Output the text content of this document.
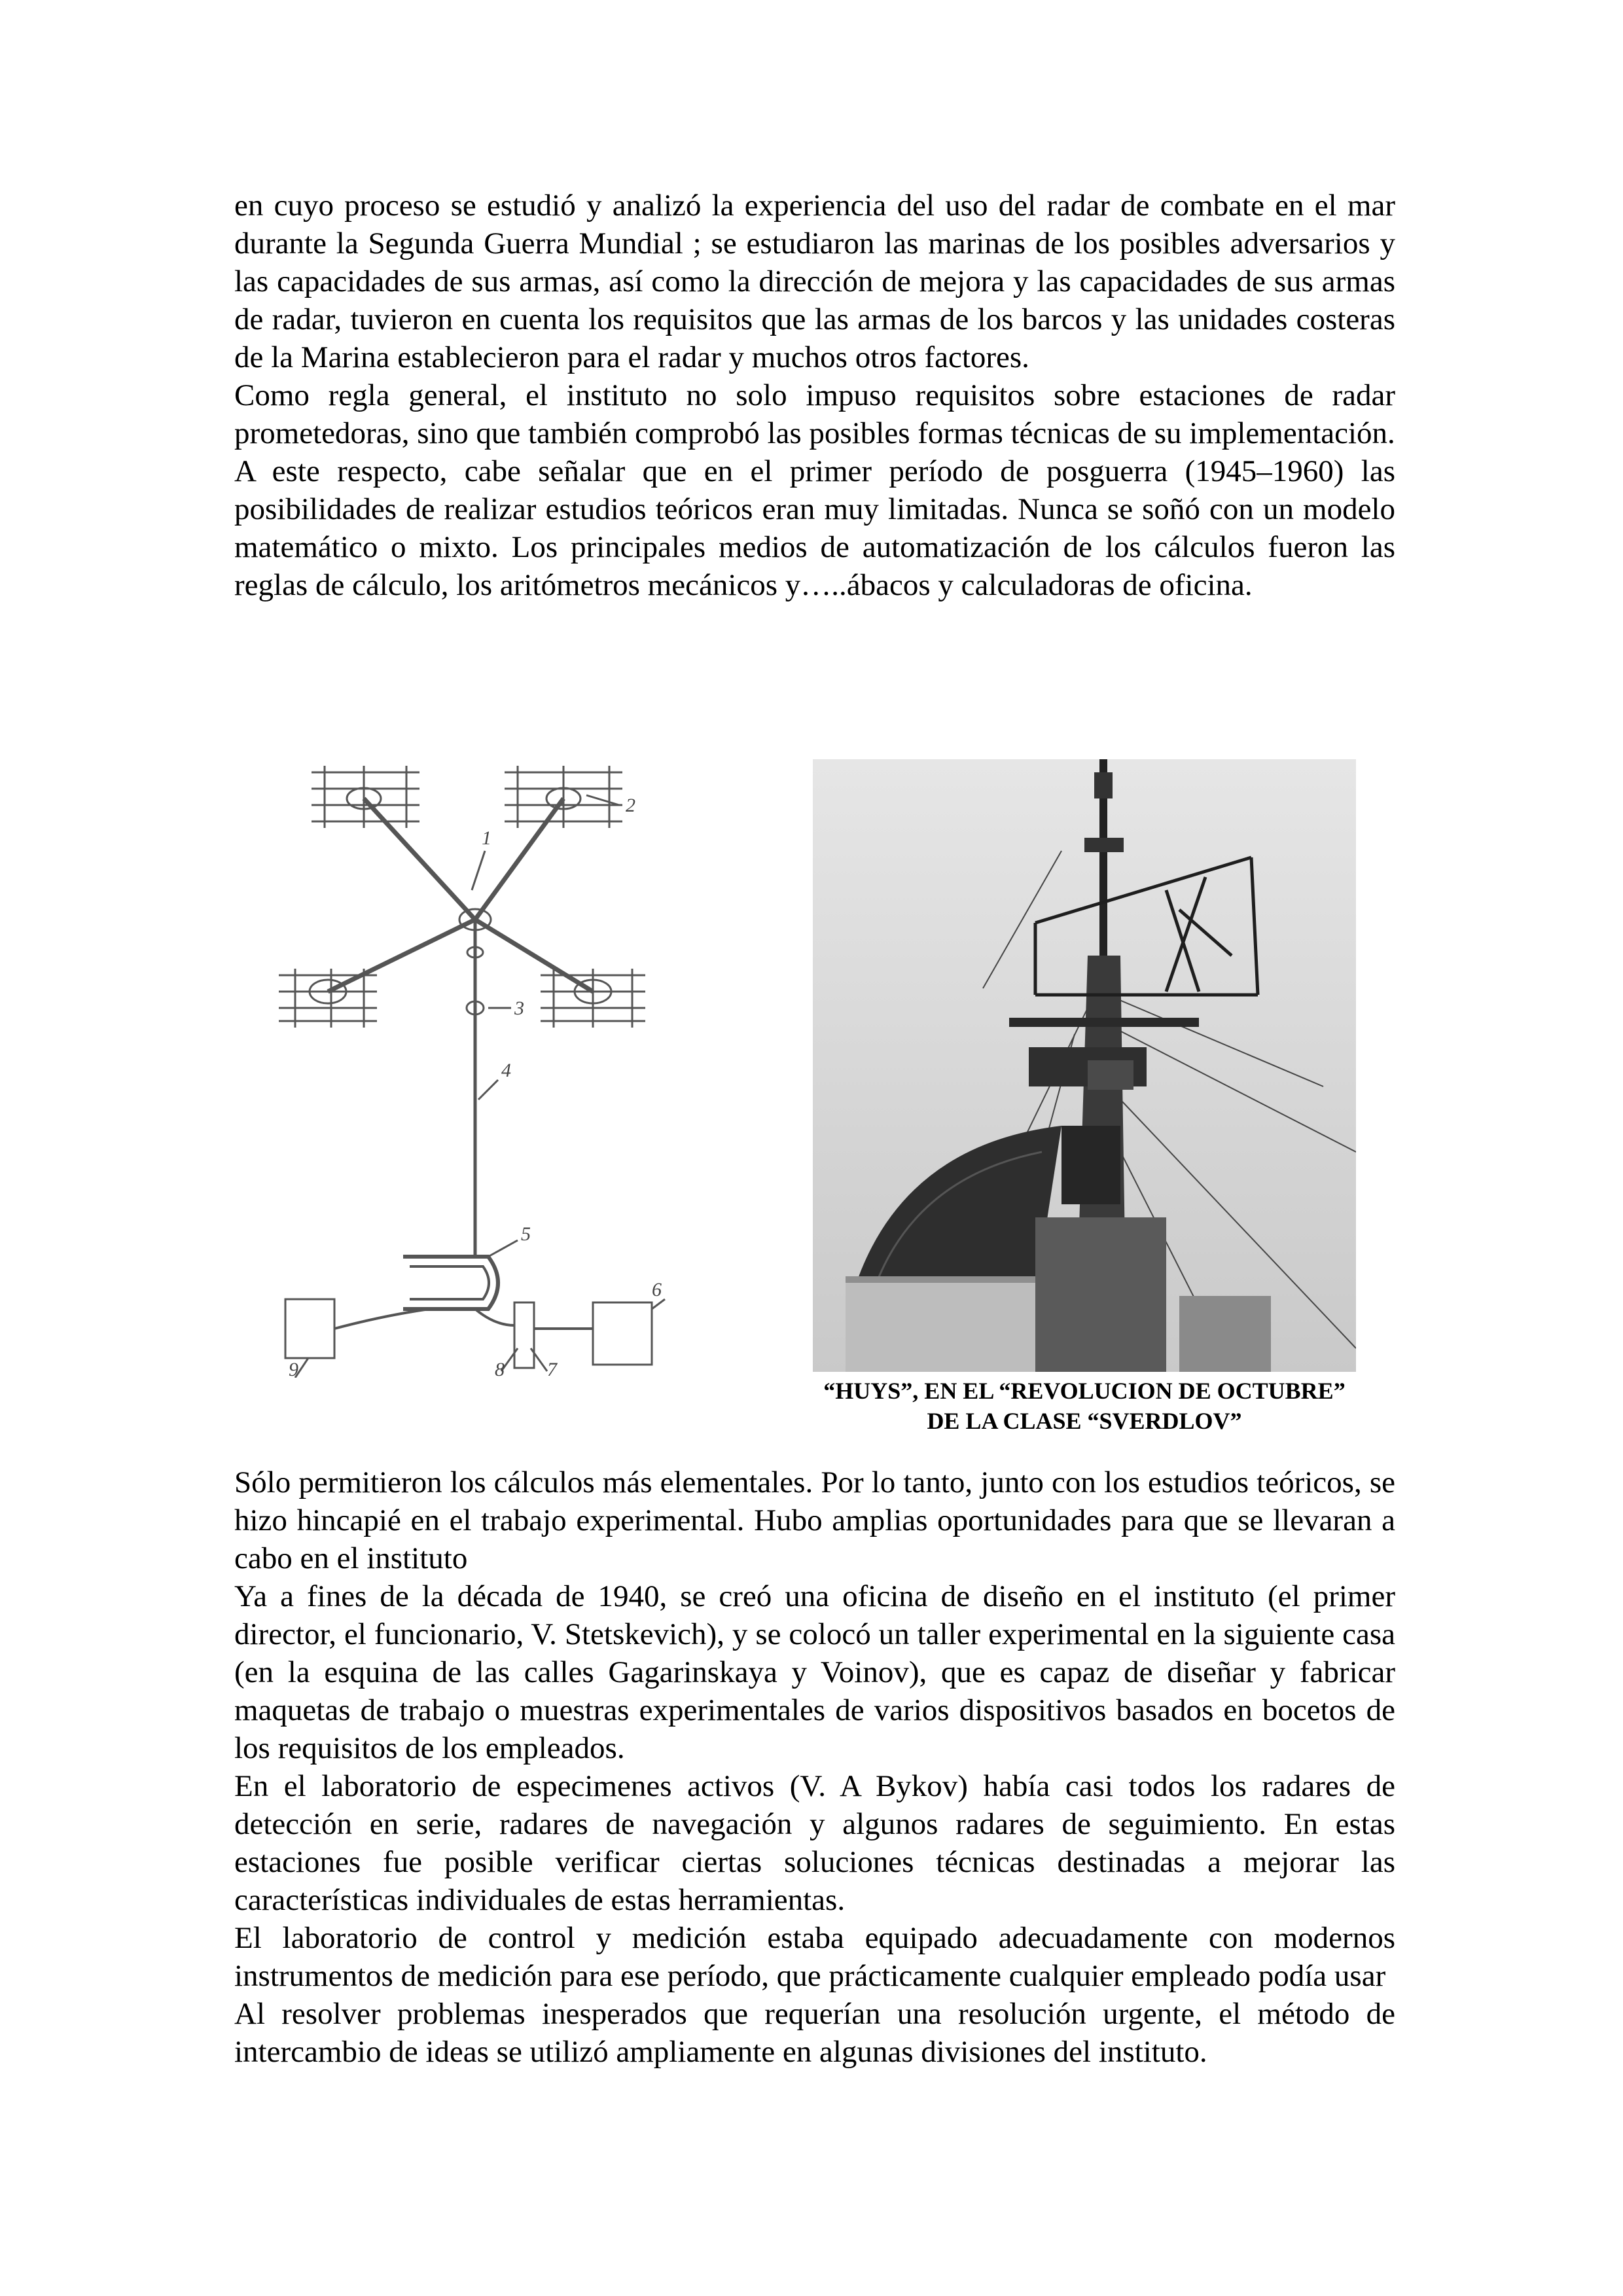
en cuyo proceso se estudió y analizó la experiencia del uso del radar de combate en el mar durante la Segunda Guerra Mundial ; se estudiaron las marinas de los posibles adversarios y las capacidades de sus armas, así como la dirección de mejora y las capacidades de sus armas de radar, tuvieron en cuenta los requisitos que las armas de los barcos y las unidades costeras de la Marina establecieron para el radar y muchos otros factores.

Como regla general, el instituto no solo impuso requisitos sobre estaciones de radar prometedoras, sino que también comprobó las posibles formas técnicas de su implementación.

A este respecto, cabe señalar que en el primer período de posguerra (1945–1960) las posibilidades de realizar estudios teóricos eran muy limitadas. Nunca se soñó con un modelo matemático o mixto. Los principales medios de automatización de los cálculos fueron las reglas de cálculo, los aritómetros mecánicos y…..ábacos y calculadoras de oficina.

1
2
3
4
5
6
7
8
9

“HUYS”, EN EL “REVOLUCION DE OCTUBRE”
DE LA CLASE “SVERDLOV”

Sólo permitieron los cálculos más elementales. Por lo tanto, junto con los estudios teóricos, se hizo hincapié en el trabajo experimental. Hubo amplias oportunidades para que se llevaran a cabo en el instituto

Ya a fines de la década de 1940, se creó una oficina de diseño en el instituto (el primer director, el funcionario, V. Stetskevich), y se colocó un taller experimental en la siguiente casa (en la esquina de las calles Gagarinskaya y Voinov), que es capaz de diseñar y fabricar maquetas de trabajo o muestras experimentales de varios dispositivos basados en bocetos de los requisitos de los empleados.

En el laboratorio de especimenes activos (V. A Bykov) había casi todos los radares de detección en serie, radares de navegación y algunos radares de seguimiento. En estas estaciones fue posible verificar ciertas soluciones técnicas destinadas a mejorar las características individuales de estas herramientas.

El laboratorio de control y medición estaba equipado adecuadamente con modernos instrumentos de medición para ese período, que prácticamente cualquier empleado podía usar

Al resolver problemas inesperados que requerían una resolución urgente, el método de intercambio de ideas se utilizó ampliamente en algunas divisiones del instituto.
